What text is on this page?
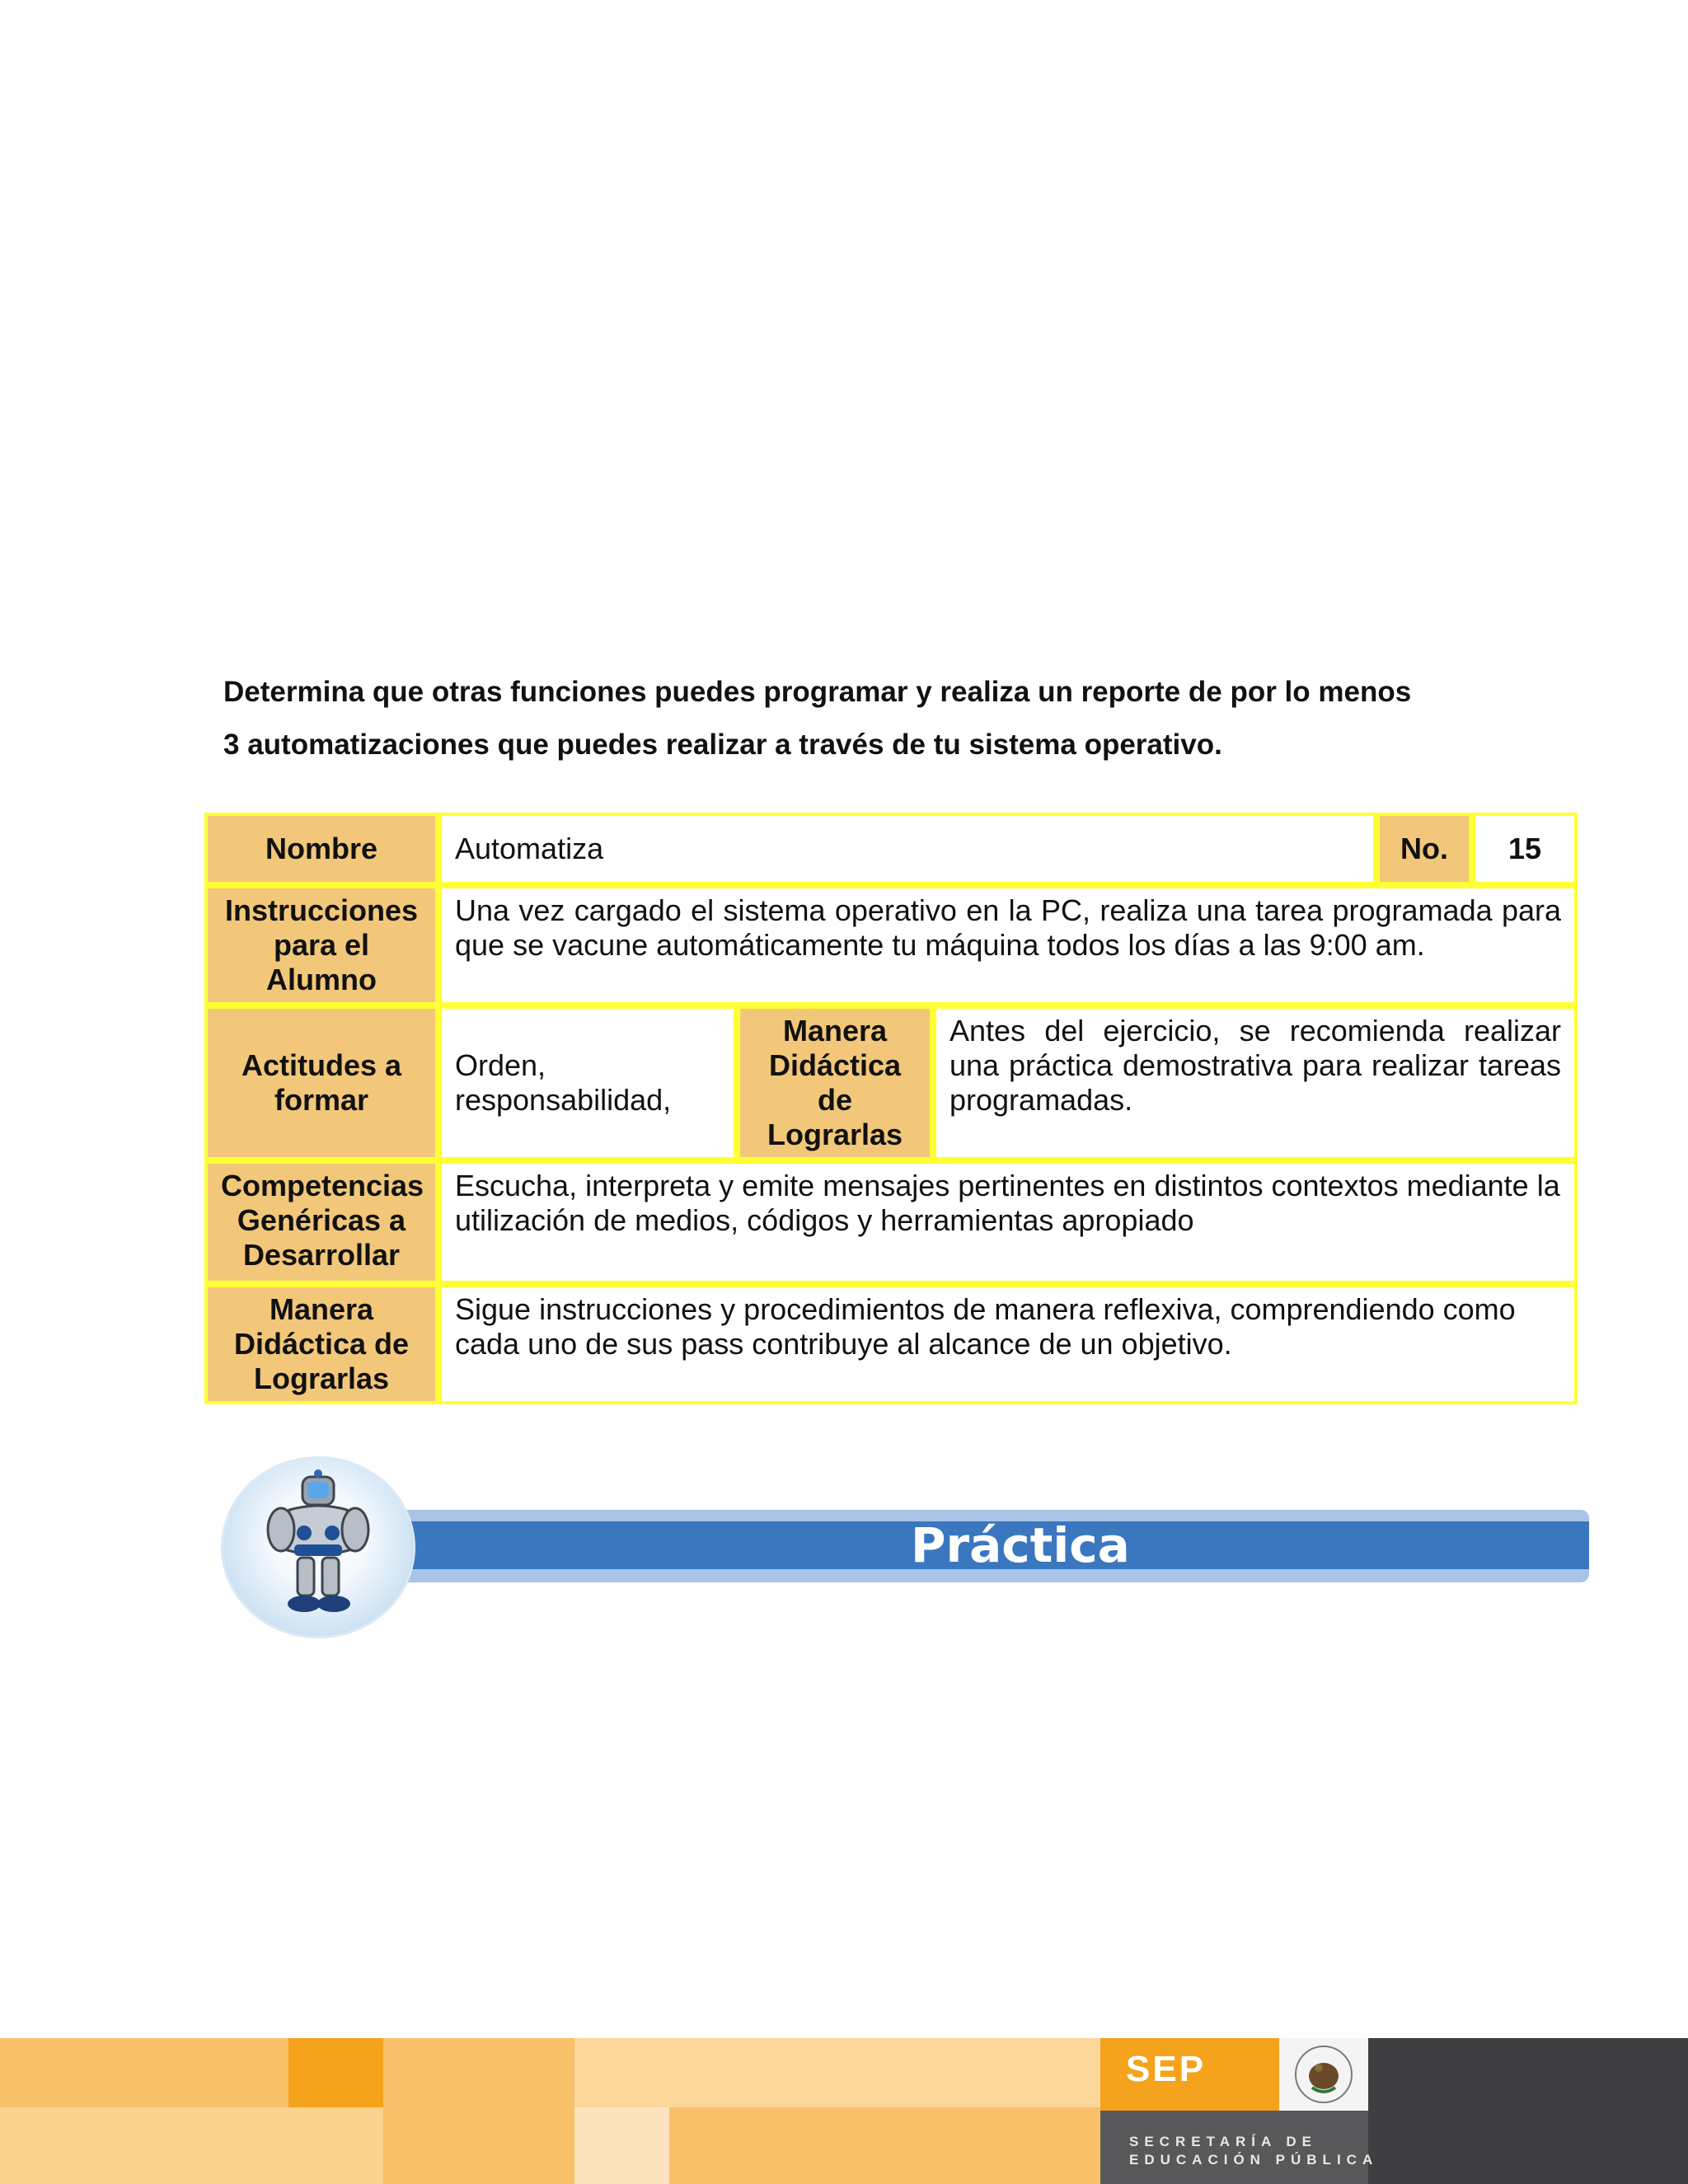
Determina que otras funciones puedes programar y realiza un reporte de por lo menos

3 automatizaciones que puedes realizar a través de tu sistema operativo.

Nombre	Automatiza			No.	15
Instrucciones para el Alumno	Una vez cargado el sistema operativo en la PC, realiza una tarea programada para que se vacune automáticamente tu máquina todos los días a las 9:00 am.				
Actitudes a formar	Orden, responsabilidad,	Manera Didáctica de Lograrlas	Antes del ejercicio, se recomienda realizar una práctica demostrativa para realizar tareas programadas.		
Competencias Genéricas a Desarrollar	Escucha, interpreta y emite mensajes pertinentes en distintos contextos mediante la utilización de medios, códigos y herramientas apropiado				
Manera Didáctica de Lograrlas	Sigue instrucciones y procedimientos de manera reflexiva, comprendiendo como cada uno de sus pass contribuye al alcance de un objetivo.				
Práctica
SEP
SECRETARÍA DE
EDUCACIÓN PÚBLICA
